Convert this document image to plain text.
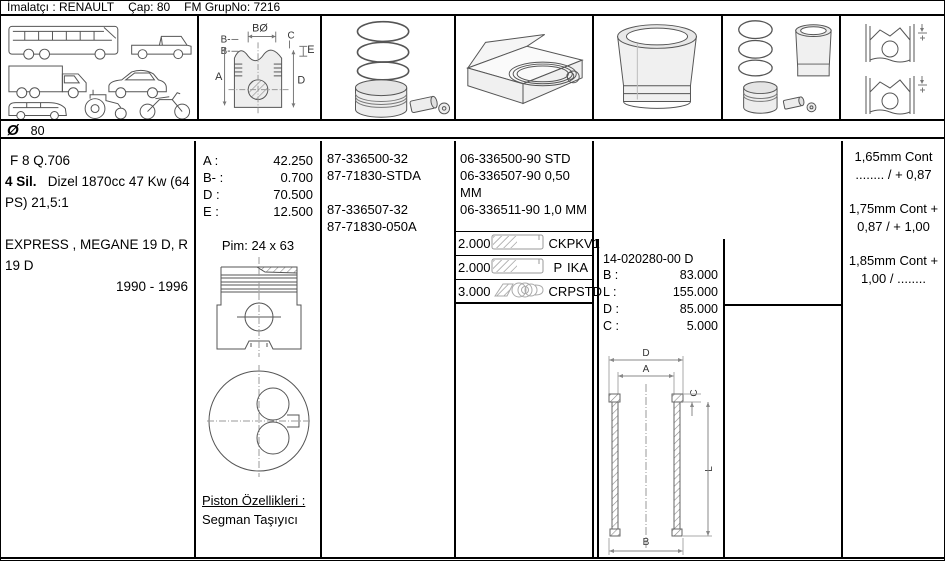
İmalatçı : RENAULT Çap: 80 FM GrupNo: 7216
BØ
B-
B-
A
C
E
D
Ø 80
F 8 Q.706
4 Sil. Dizel 1870cc 47 Kw (64 PS) 21,5:1
EXPRESS , MEGANE 19 D, R 19 D
1990 - 1996
A :	42.250
B- :	0.700
D :	70.500
E :	12.500
Pim: 24 x 63
Piston Özellikleri :
Segman Taşıyıcı
87-336500-32
87-71830-STDA
87-336507-32
87-71830-050A
06-336500-90 STD
06-336507-90 0,50 MM
06-336511-90 1,0 MM
2.000	CKP KV1
2.000	P IKA
3.000	CRP STD
14-020280-00 D
B :	83.000
L :	155.000
D :	85.000
C :	5.000
D
A
C
L
B
1,65mm Cont
........ / + 0,87
1,75mm Cont +
0,87 / + 1,00
1,85mm Cont +
1,00 / ........
